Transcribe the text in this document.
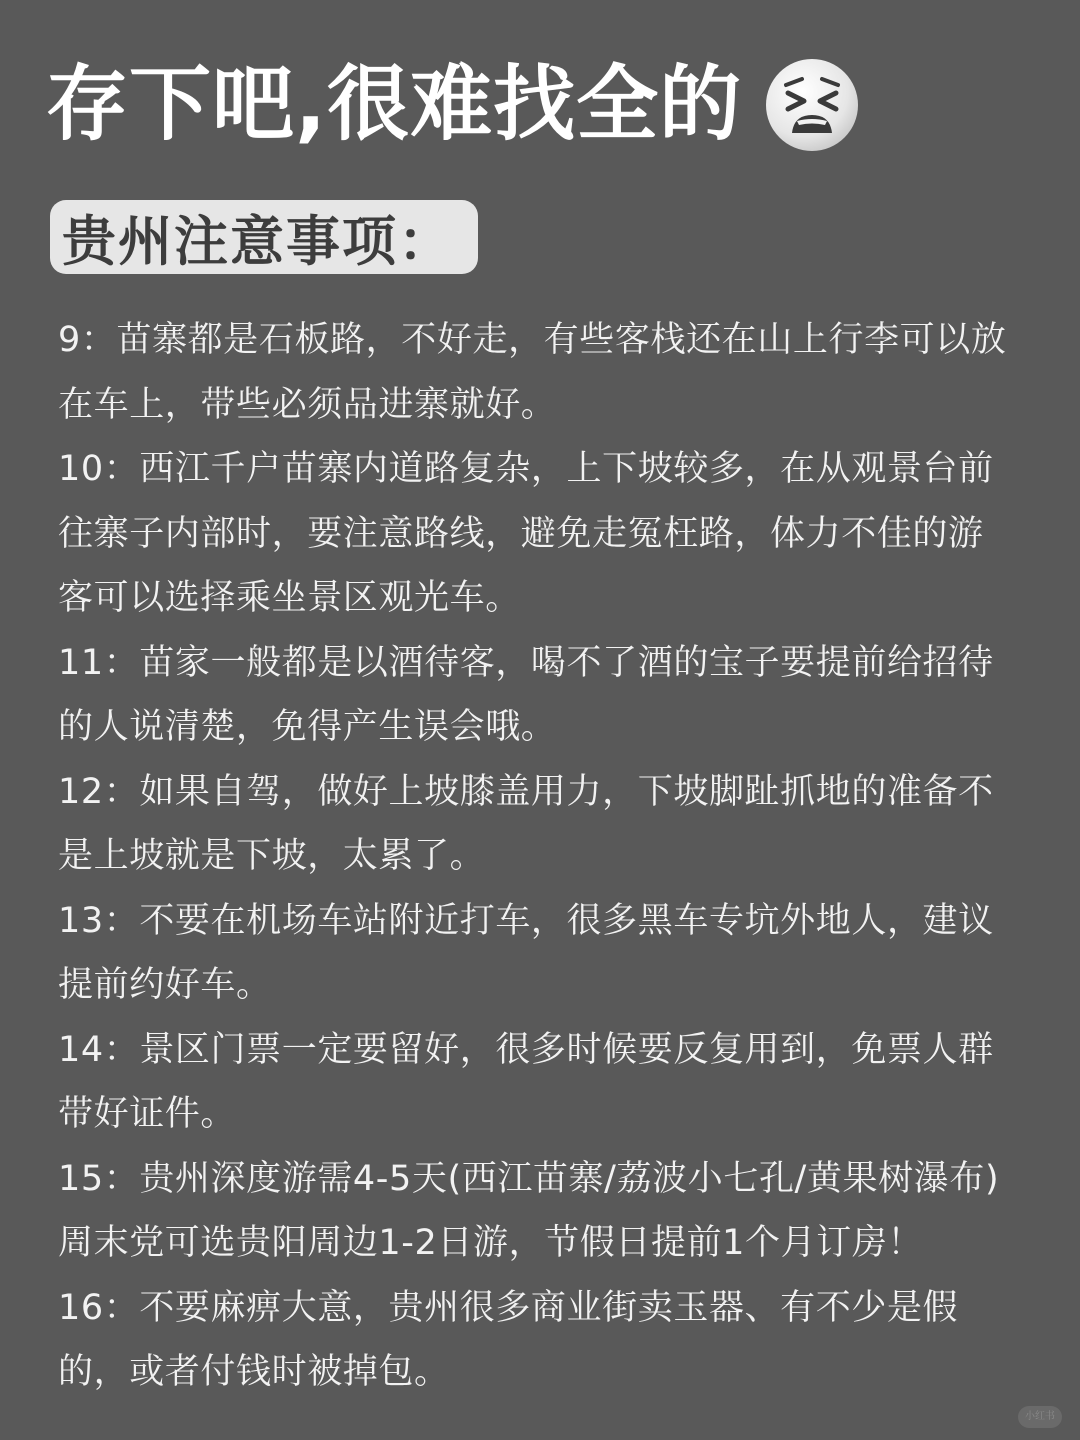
存下吧,很难找全的
贵州注意事项：

9：苗寨都是石板路，不好走，有些客栈还在山上行李可以放在车上，带些必须品进寨就好。

10：西江千户苗寨内道路复杂，上下坡较多，在从观景台前往寨子内部时，要注意路线，避免走冤枉路，体力不佳的游客可以选择乘坐景区观光车。

11：苗家一般都是以酒待客，喝不了酒的宝子要提前给招待的人说清楚，免得产生误会哦。

12：如果自驾，做好上坡膝盖用力，下坡脚趾抓地的准备不是上坡就是下坡，太累了。

13：不要在机场车站附近打车，很多黑车专坑外地人，建议提前约好车。

14：景区门票一定要留好，很多时候要反复用到，免票人群带好证件。

15：贵州深度游需4-5天(西江苗寨/荔波小七孔/黄果树瀑布)周末党可选贵阳周边1-2日游，节假日提前1个月订房！

16：不要麻痹大意，贵州很多商业街卖玉器、有不少是假的，或者付钱时被掉包。

小红书
